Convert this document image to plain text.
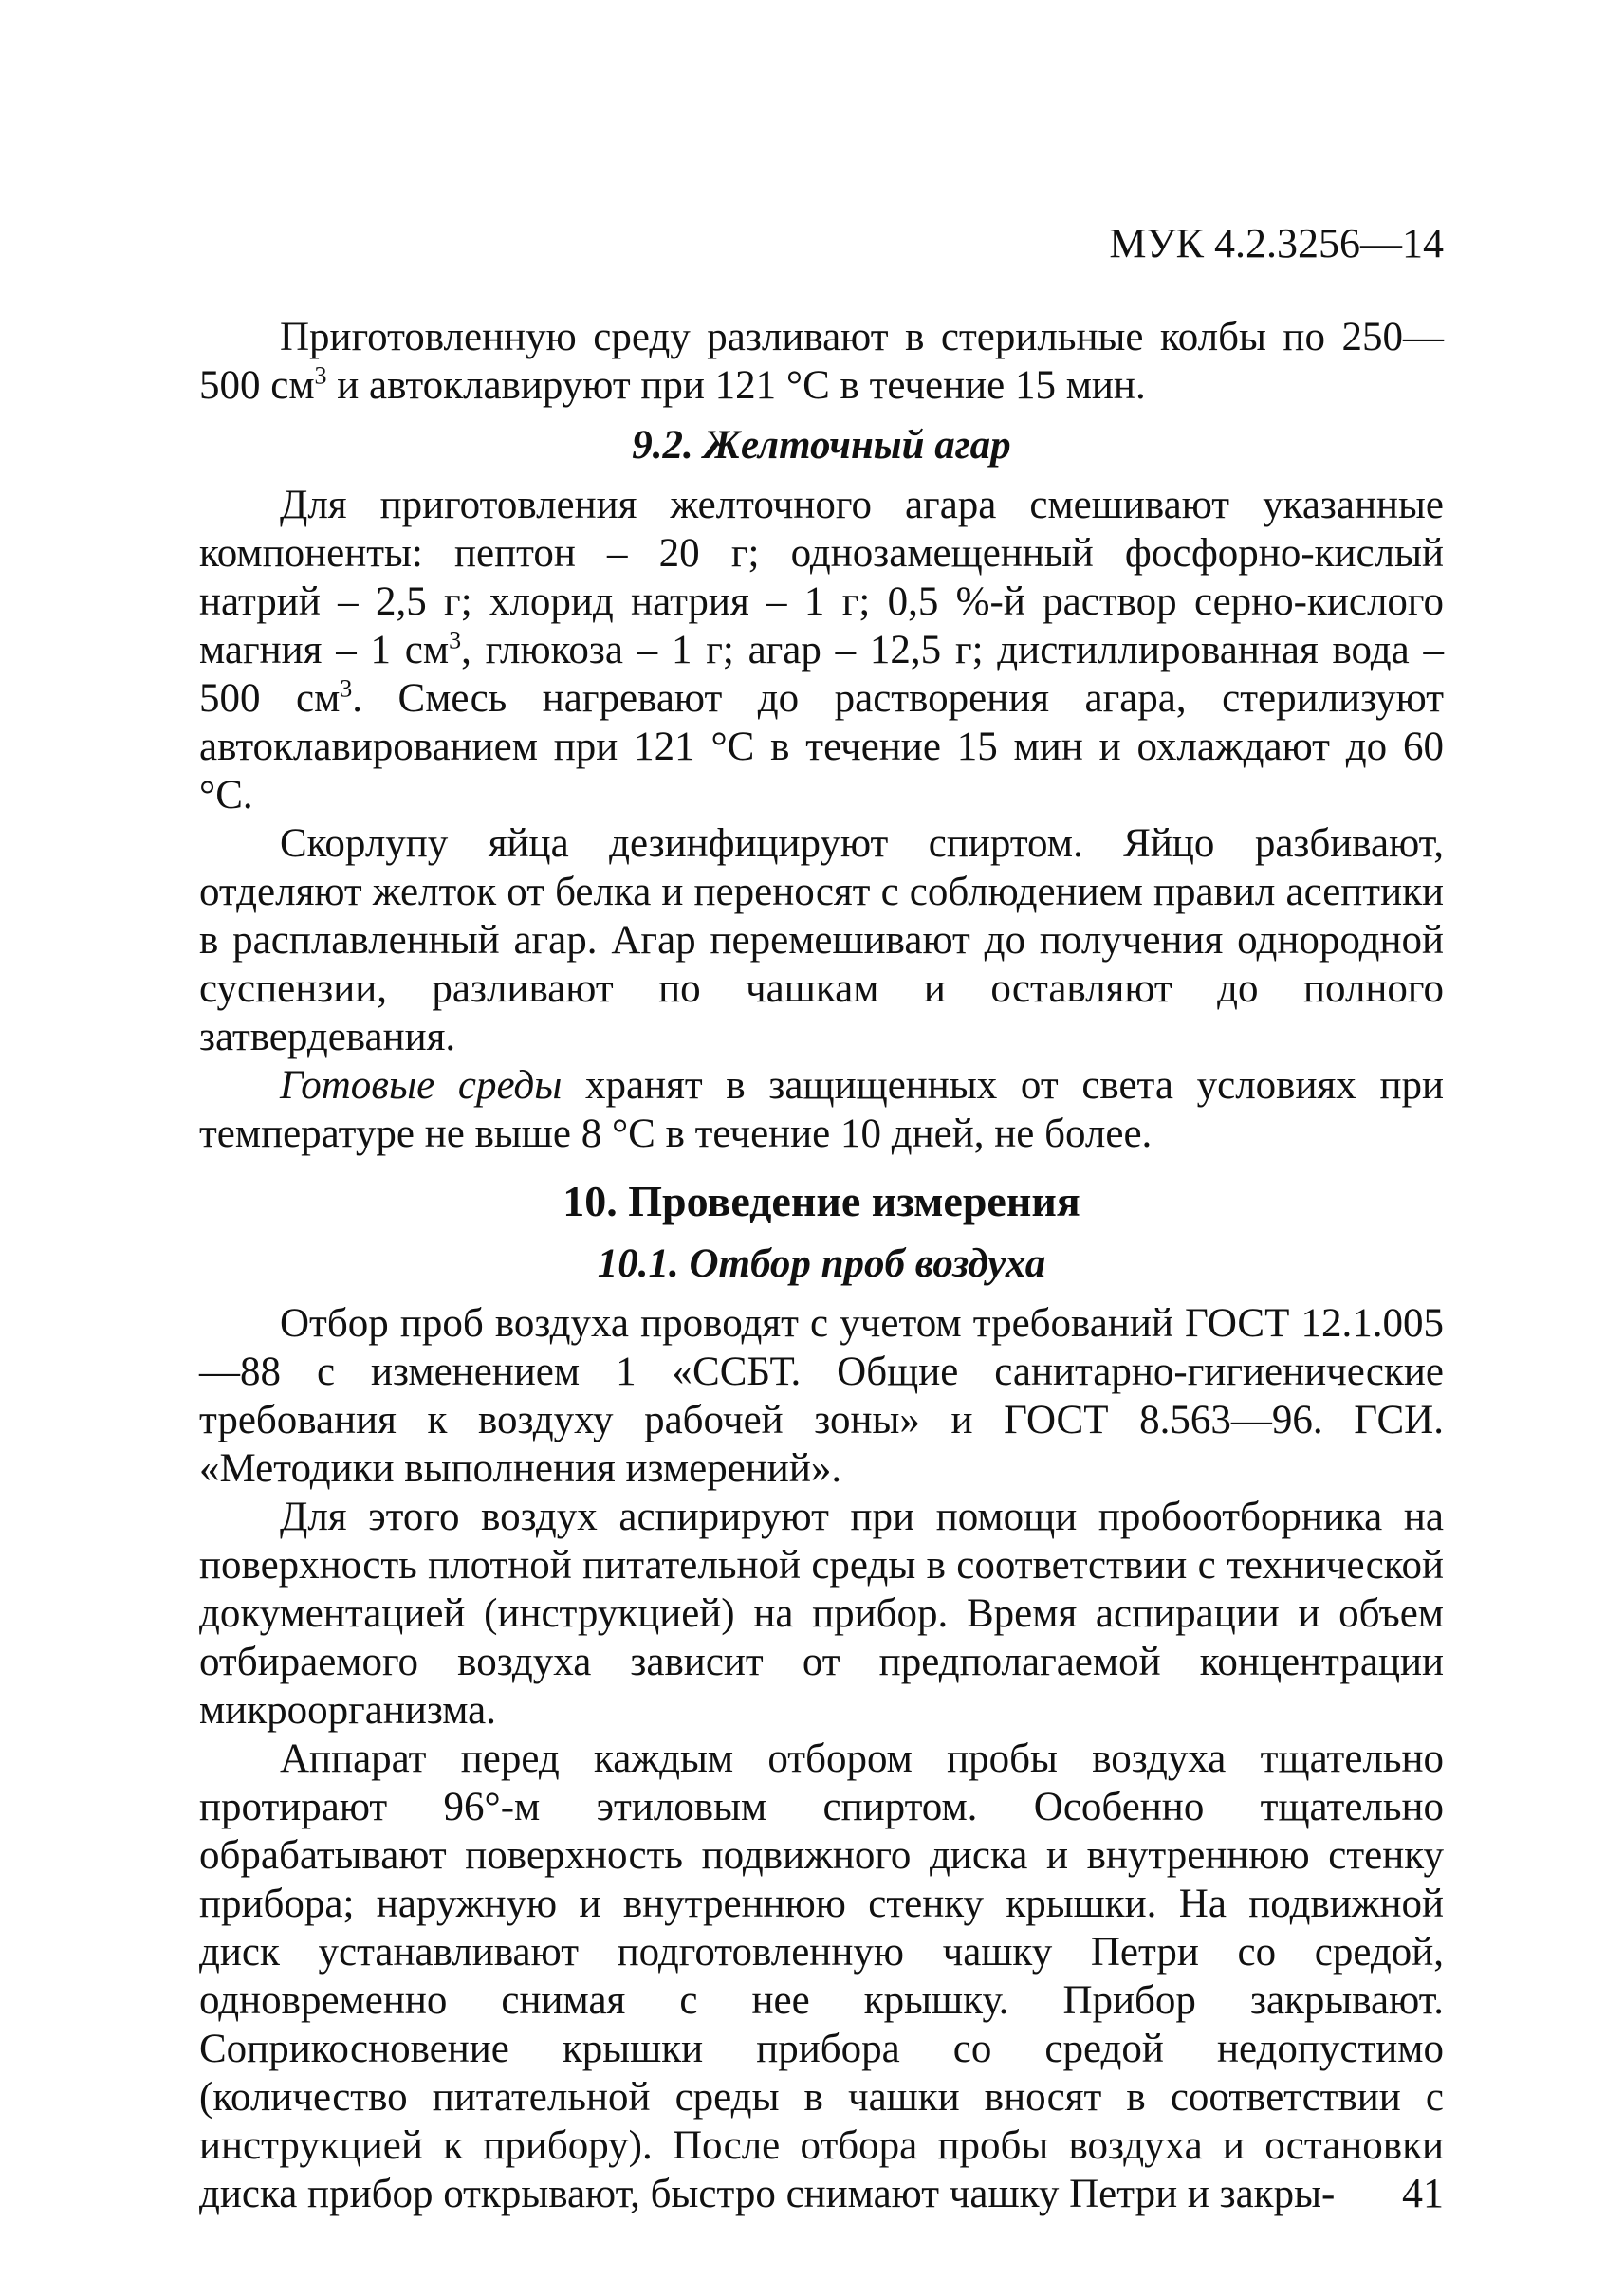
МУК 4.2.3256—14

Приготовленную среду разливают в стерильные колбы по 250—500 $см^3$ и автоклавируют при 121 °С в течение 15 мин.

9.2. Желточный агар

Для приготовления желточного агара смешивают указанные компоненты: пептон – 20 г; однозамещенный фосфорно-кислый натрий – 2,5 г; хлорид натрия – 1 г; 0,5 %-й раствор серно-кислого магния – 1 $см^3$, глюкоза – 1 г; агар – 12,5 г; дистиллированная вода – 500 $см^3$. Смесь нагревают до растворения агара, стерилизуют автоклавированием при 121 °С в течение 15 мин и охлаждают до 60 °С.

Скорлупу яйца дезинфицируют спиртом. Яйцо разбивают, отделяют желток от белка и переносят с соблюдением правил асептики в расплавленный агар. Агар перемешивают до получения однородной суспензии, разливают по чашкам и оставляют до полного затвердевания.

Готовые среды хранят в защищенных от света условиях при температуре не выше 8 °С в течение 10 дней, не более.

10. Проведение измерения
10.1. Отбор проб воздуха

Отбор проб воздуха проводят с учетом требований ГОСТ 12.1.005—88 с изменением 1 «ССБТ. Общие санитарно-гигиенические требования к воздуху рабочей зоны» и ГОСТ 8.563—96. ГСИ. «Методики выполнения измерений».

Для этого воздух аспирируют при помощи пробоотборника на поверхность плотной питательной среды в соответствии с технической документацией (инструкцией) на прибор. Время аспирации и объем отбираемого воздуха зависит от предполагаемой концентрации микроорганизма.

Аппарат перед каждым отбором пробы воздуха тщательно протирают 96°-м этиловым спиртом. Особенно тщательно обрабатывают поверхность подвижного диска и внутреннюю стенку прибора; наружную и внутреннюю стенку крышки. На подвижной диск устанавливают подготовленную чашку Петри со средой, одновременно снимая с нее крышку. Прибор закрывают. Соприкосновение крышки прибора со средой недопустимо (количество питательной среды в чашки вносят в соответствии с инструкцией к прибору). После отбора пробы воздуха и остановки диска прибор открывают, быстро снимают чашку Петри и закры-	41
